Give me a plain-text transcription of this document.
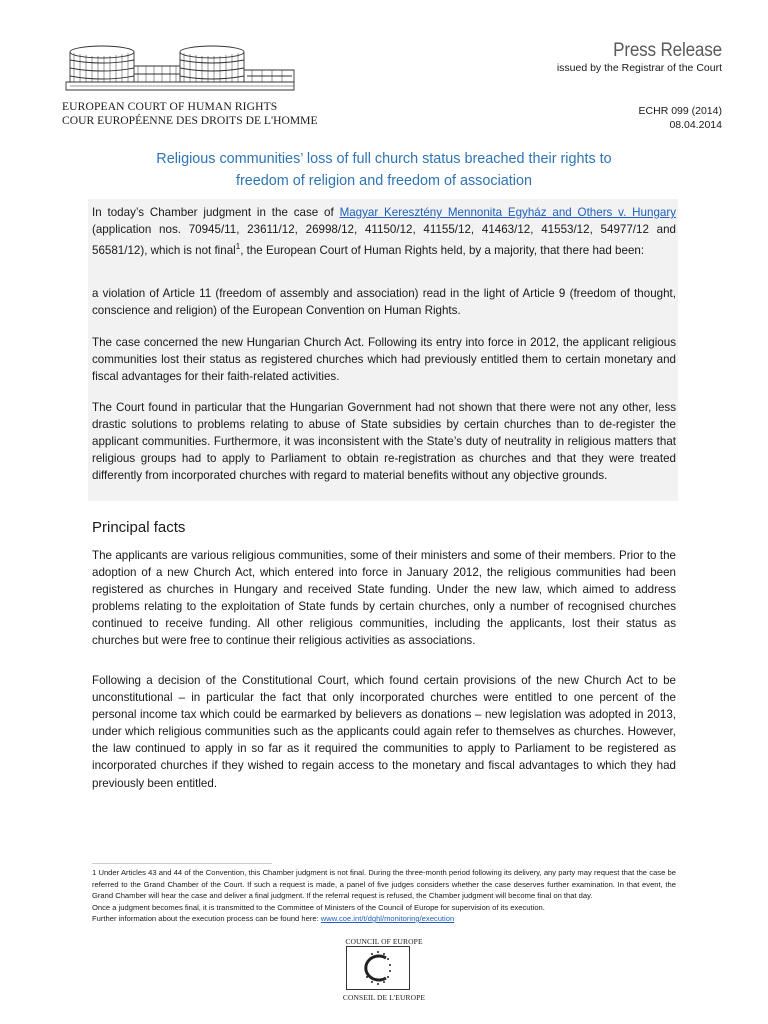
EUROPEAN COURT OF HUMAN RIGHTS
COUR EUROPÉENNE DES DROITS DE L'HOMME
Press Release
issued by the Registrar of the Court
ECHR 099 (2014)
08.04.2014
Religious communities’ loss of full church status breached their rights to
freedom of religion and freedom of association
In today’s Chamber judgment in the case of Magyar Keresztény Mennonita Egyház and Others v. Hungary (application nos. 70945/11, 23611/12, 26998/12, 41150/12, 41155/12, 41463/12, 41553/12, 54977/12 and 56581/12), which is not final$^1$, the European Court of Human Rights held, by a majority, that there had been:
a violation of Article 11 (freedom of assembly and association) read in the light of Article 9 (freedom of thought, conscience and religion) of the European Convention on Human Rights.
The case concerned the new Hungarian Church Act. Following its entry into force in 2012, the applicant religious communities lost their status as registered churches which had previously entitled them to certain monetary and fiscal advantages for their faith-related activities.
The Court found in particular that the Hungarian Government had not shown that there were not any other, less drastic solutions to problems relating to abuse of State subsidies by certain churches than to de-register the applicant communities. Furthermore, it was inconsistent with the State’s duty of neutrality in religious matters that religious groups had to apply to Parliament to obtain re-registration as churches and that they were treated differently from incorporated churches with regard to material benefits without any objective grounds.
Principal facts
The applicants are various religious communities, some of their ministers and some of their members. Prior to the adoption of a new Church Act, which entered into force in January 2012, the religious communities had been registered as churches in Hungary and received State funding. Under the new law, which aimed to address problems relating to the exploitation of State funds by certain churches, only a number of recognised churches continued to receive funding. All other religious communities, including the applicants, lost their status as churches but were free to continue their religious activities as associations.
Following a decision of the Constitutional Court, which found certain provisions of the new Church Act to be unconstitutional – in particular the fact that only incorporated churches were entitled to one percent of the personal income tax which could be earmarked by believers as donations – new legislation was adopted in 2013, under which religious communities such as the applicants could again refer to themselves as churches. However, the law continued to apply in so far as it required the communities to apply to Parliament to be registered as incorporated churches if they wished to regain access to the monetary and fiscal advantages to which they had previously been entitled.
1 Under Articles 43 and 44 of the Convention, this Chamber judgment is not final. During the three-month period following its delivery, any party may request that the case be referred to the Grand Chamber of the Court. If such a request is made, a panel of five judges considers whether the case deserves further examination. In that event, the Grand Chamber will hear the case and deliver a final judgment. If the referral request is refused, the Chamber judgment will become final on that day.
Once a judgment becomes final, it is transmitted to the Committee of Ministers of the Council of Europe for supervision of its execution.
Further information about the execution process can be found here: www.coe.int/t/dghl/monitoring/execution
COUNCIL OF EUROPE
CONSEIL DE L'EUROPE
